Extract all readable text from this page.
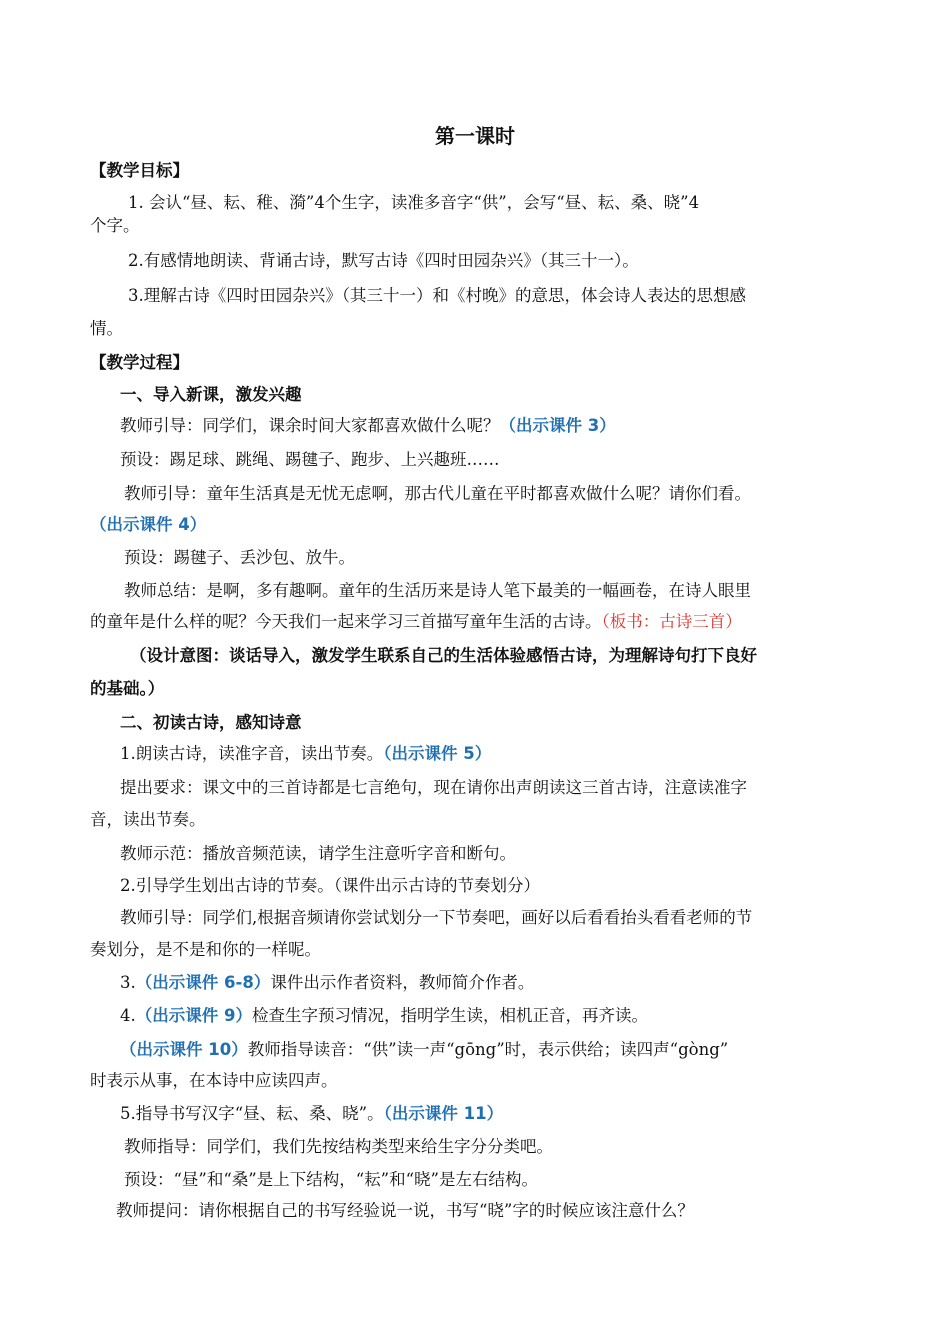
第一课时
【教学目标】
1. 会认“昼、耘、稚、漪”4个生字，读准多音字“供”，会写“昼、耘、桑、晓”4
个字。
2.有感情地朗读、背诵古诗，默写古诗《四时田园杂兴》（其三十一）。
3.理解古诗《四时田园杂兴》（其三十一）和《村晚》的意思，体会诗人表达的思想感
情。
【教学过程】
一、导入新课，激发兴趣
教师引导：同学们，课余时间大家都喜欢做什么呢？（出示课件 3）
预设：踢足球、跳绳、踢毽子、跑步、上兴趣班……
教师引导：童年生活真是无忧无虑啊，那古代儿童在平时都喜欢做什么呢？请你们看。
（出示课件 4）
预设：踢毽子、丢沙包、放牛。
教师总结：是啊，多有趣啊。童年的生活历来是诗人笔下最美的一幅画卷，在诗人眼里
的童年是什么样的呢？今天我们一起来学习三首描写童年生活的古诗。（板书：古诗三首）
（设计意图：谈话导入，激发学生联系自己的生活体验感悟古诗，为理解诗句打下良好
的基础。）
二、初读古诗，感知诗意
1.朗读古诗，读准字音，读出节奏。（出示课件 5）
提出要求：课文中的三首诗都是七言绝句，现在请你出声朗读这三首古诗，注意读准字
音，读出节奏。
教师示范：播放音频范读，请学生注意听字音和断句。
2.引导学生划出古诗的节奏。（课件出示古诗的节奏划分）
教师引导：同学们,根据音频请你尝试划分一下节奏吧，画好以后看看抬头看看老师的节
奏划分，是不是和你的一样呢。
3.（出示课件 6-8）课件出示作者资料，教师简介作者。
4.（出示课件 9）检查生字预习情况，指明学生读，相机正音，再齐读。
（出示课件 10）教师指导读音：“供”读一声“gōng”时，表示供给；读四声“gòng”
时表示从事，在本诗中应读四声。
5.指导书写汉字“昼、耘、桑、晓”。（出示课件 11）
教师指导：同学们，我们先按结构类型来给生字分分类吧。
预设：“昼”和“桑”是上下结构，“耘”和“晓”是左右结构。
教师提问：请你根据自己的书写经验说一说，书写“晓”字的时候应该注意什么？
